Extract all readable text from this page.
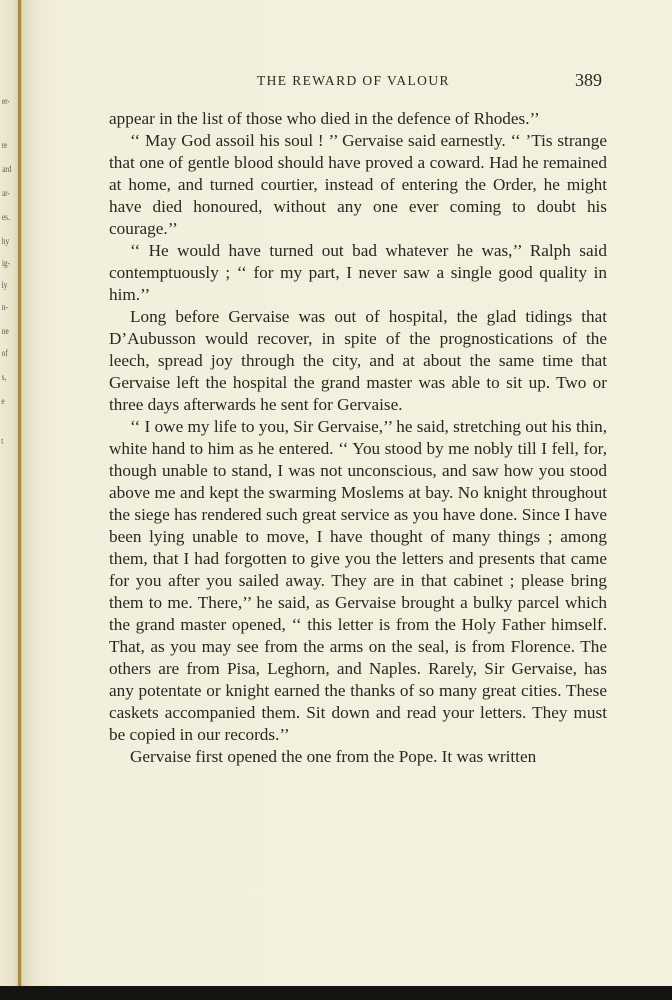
er-
re
ard
ar-
es.
hy
ig-
ly
n-
ne
of
s,
e
t
THE REWARD OF VALOUR	389

appear in the list of those who died in the defence of Rhodes.’’

‘‘ May God assoil his soul ! ’’ Gervaise said earnestly. ‘‘ ’Tis strange that one of gentle blood should have proved a coward. Had he remained at home, and turned courtier, instead of entering the Order, he might have died honoured, without any one ever coming to doubt his courage.’’

‘‘ He would have turned out bad whatever he was,’’ Ralph said contemptuously ; ‘‘ for my part, I never saw a single good quality in him.’’

Long before Gervaise was out of hospital, the glad tidings that D’Aubusson would recover, in spite of the prognostications of the leech, spread joy through the city, and at about the same time that Gervaise left the hospital the grand master was able to sit up. Two or three days afterwards he sent for Gervaise.

‘‘ I owe my life to you, Sir Gervaise,’’ he said, stretching out his thin, white hand to him as he entered. ‘‘ You stood by me nobly till I fell, for, though unable to stand, I was not unconscious, and saw how you stood above me and kept the swarming Moslems at bay. No knight throughout the siege has rendered such great service as you have done. Since I have been lying unable to move, I have thought of many things ; among them, that I had forgotten to give you the letters and presents that came for you after you sailed away. They are in that cabinet ; please bring them to me. There,’’ he said, as Gervaise brought a bulky parcel which the grand master opened, ‘‘ this letter is from the Holy Father himself. That, as you may see from the arms on the seal, is from Florence. The others are from Pisa, Leghorn, and Naples. Rarely, Sir Gervaise, has any potentate or knight earned the thanks of so many great cities. These caskets accompanied them. Sit down and read your letters. They must be copied in our records.’’

Gervaise first opened the one from the Pope. It was written
